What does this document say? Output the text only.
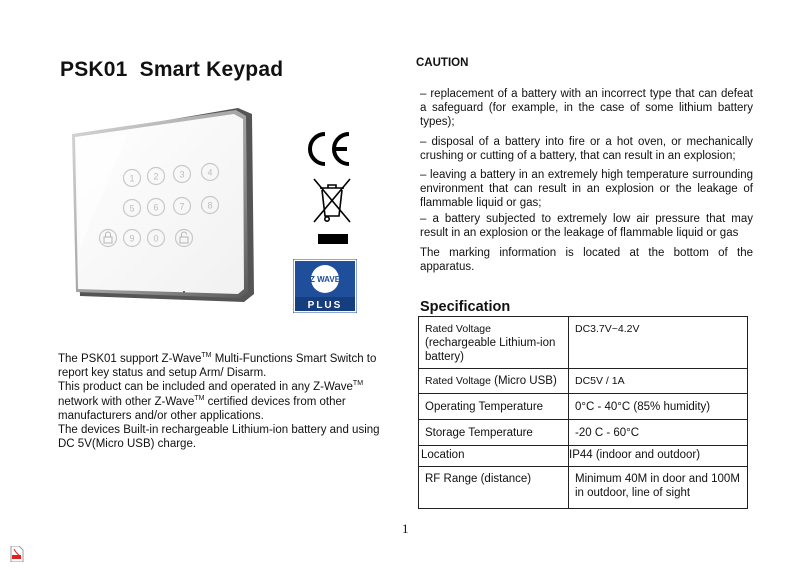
PSK01  Smart Keypad
1 2 3	4
5 6 7	8
9 0
Z WAVE
PLUS

The PSK01 support Z-Wave™ Multi-Functions Smart Switch to report key status and setup Arm/ Disarm.

This product can be included and operated in any Z-Wave™ network with other Z-Wave™ certified devices from other manufacturers and/or other applications.

The devices Built-in rechargeable Lithium-ion battery and using DC 5V(Micro USB) charge.

CAUTION
– replacement of a battery with an incorrect type that can defeat a safeguard (for example, in the case of some lithium battery types);
– disposal of a battery into fire or a hot oven, or mechanically crushing or cutting of a battery, that can result in an explosion;
– leaving a battery in an extremely high temperature surrounding environment that can result in an explosion or the leakage of flammable liquid or gas;
– a battery subjected to extremely low air pressure that may result in an explosion or the leakage of flammable liquid or gas
The marking information is located at the bottom of the apparatus.
Specification
Rated Voltage (rechargeable Lithium-ion battery)	DC3.7V~4.2V
Rated Voltage (Micro USB)	DC5V / 1A
Operating Temperature	0°C - 40°C (85% humidity)
Storage Temperature	-20 C - 60°C
Location	IP44 (indoor and outdoor)
RF Range (distance)	Minimum 40M in door and 100M in outdoor, line of sight
1
